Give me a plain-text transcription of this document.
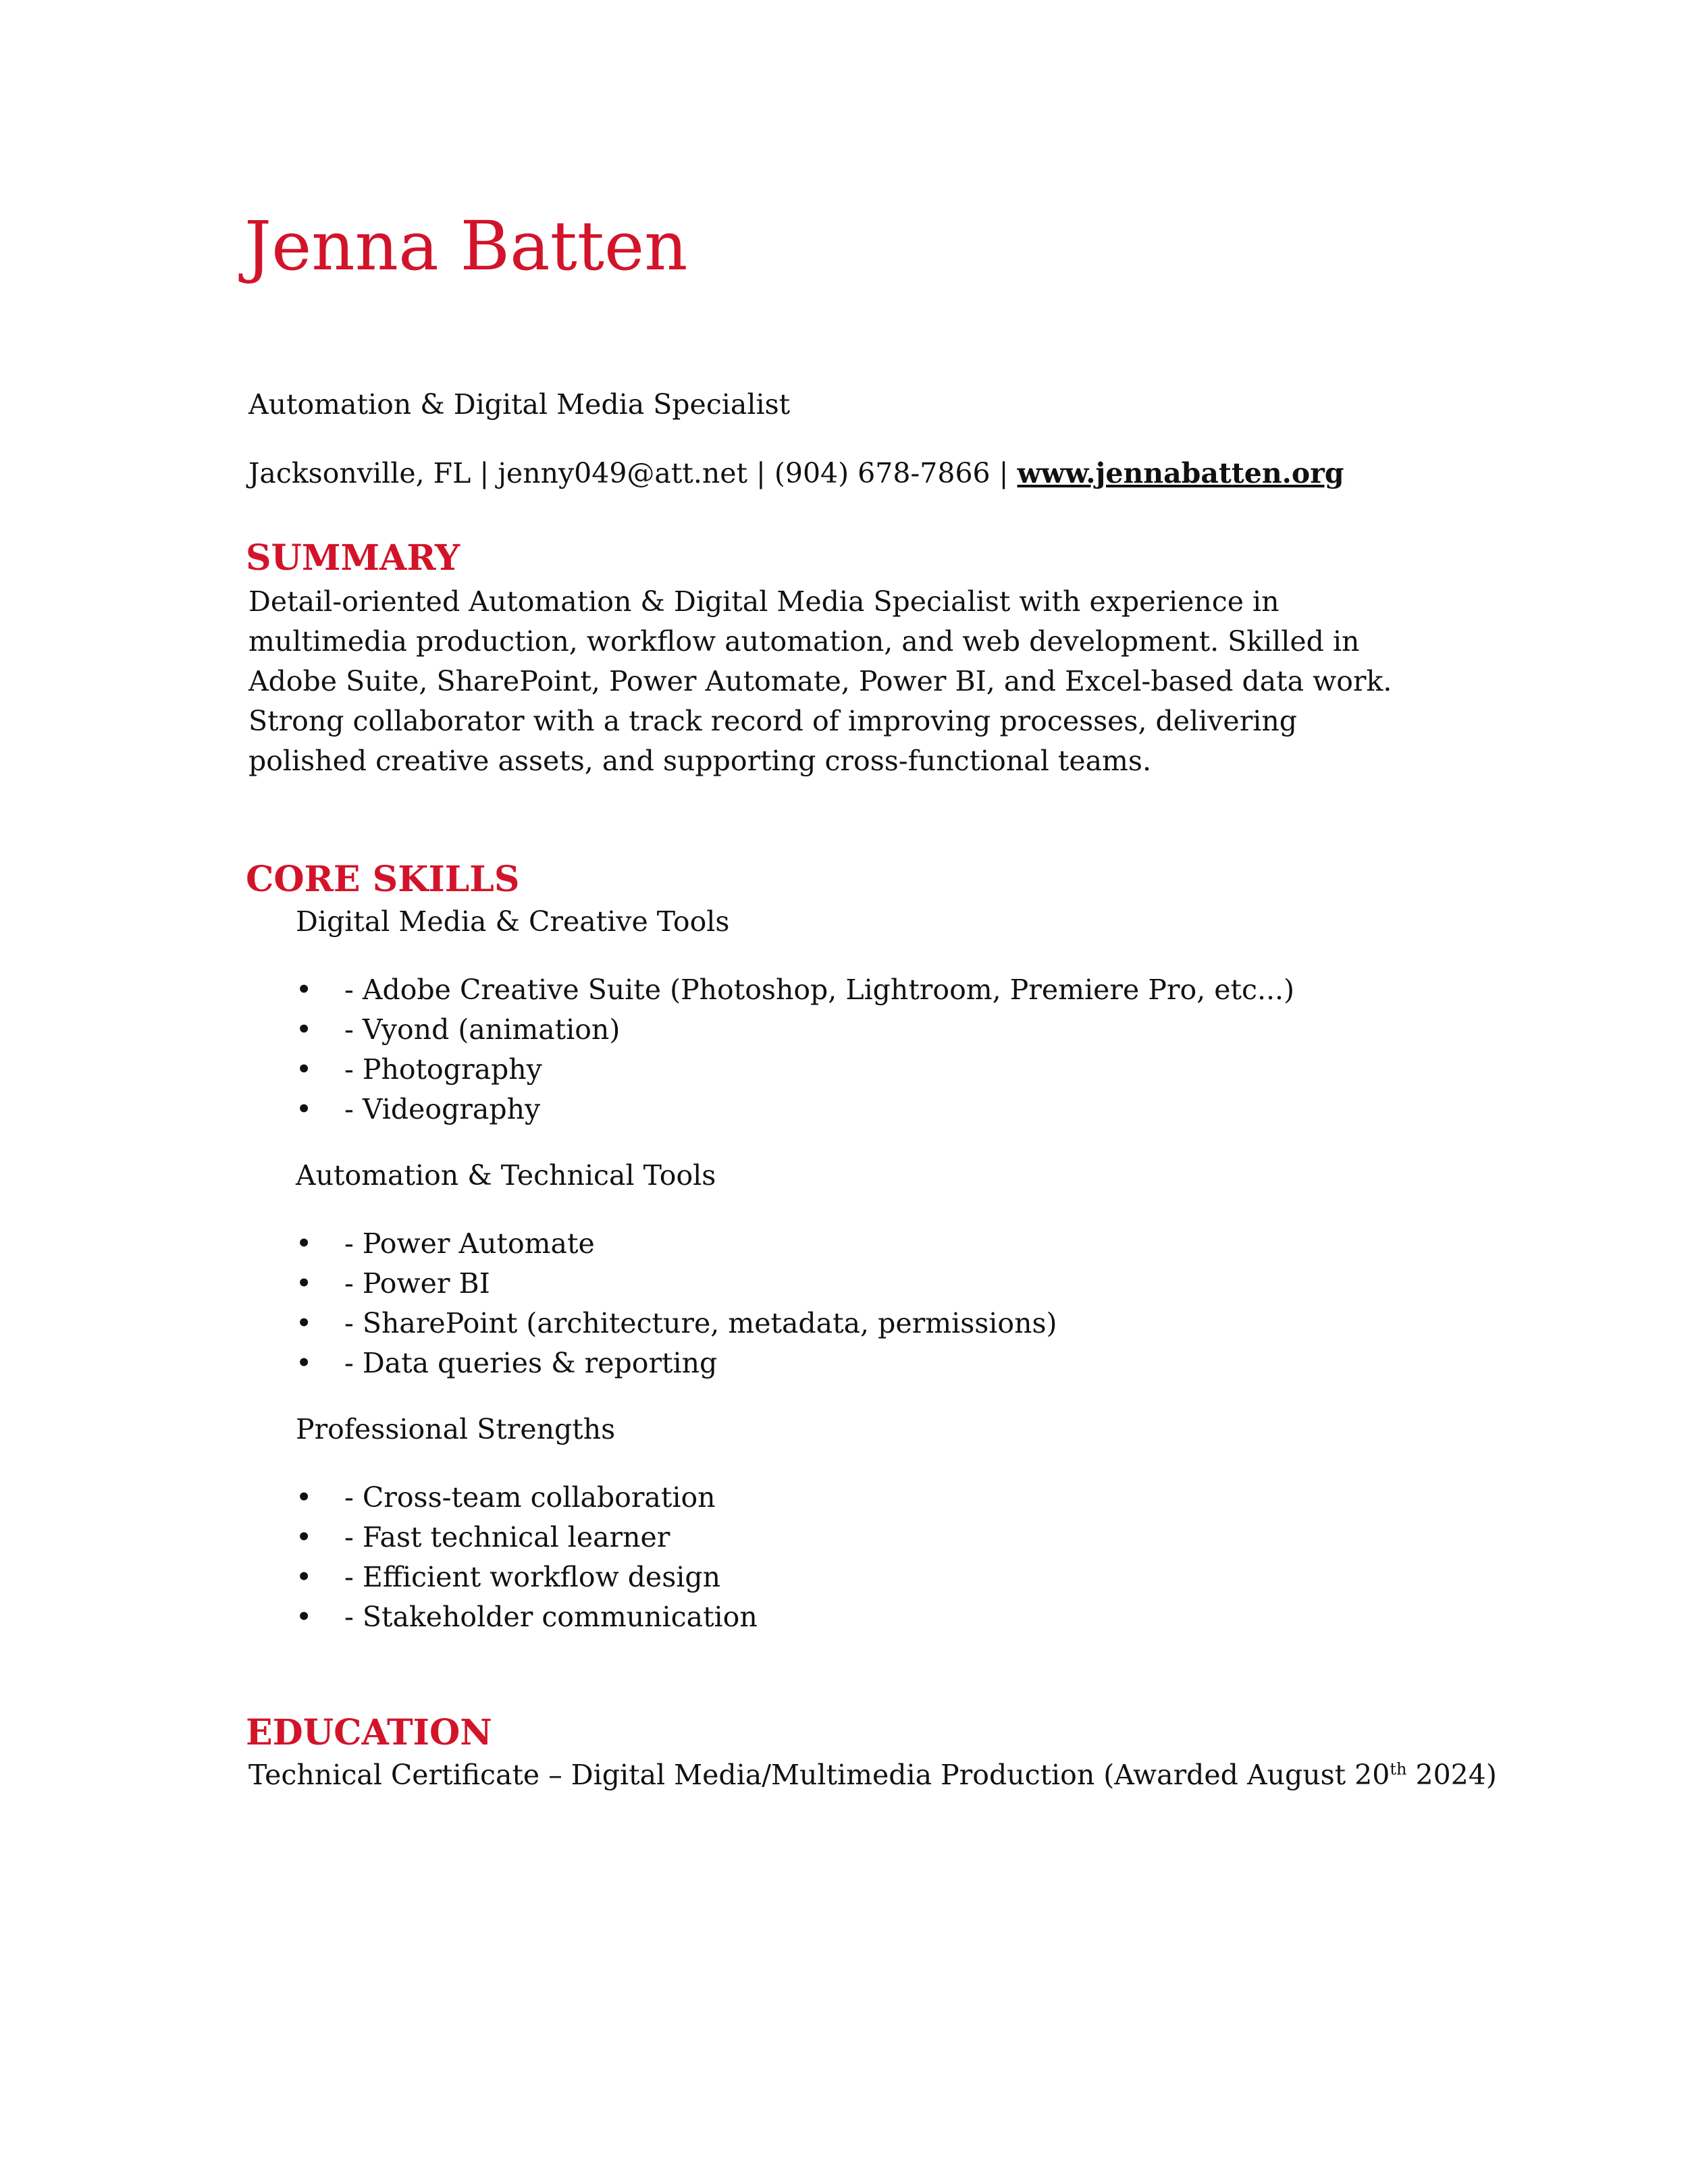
Jenna Batten
Automation & Digital Media Specialist
Jacksonville, FL | jenny049@att.net | (904) 678-7866 | www.jennabatten.org
SUMMARY

Detail-oriented Automation & Digital Media Specialist with experience in multimedia production, workflow automation, and web development. Skilled in Adobe Suite, SharePoint, Power Automate, Power BI, and Excel-based data work. Strong collaborator with a track record of improving processes, delivering polished creative assets, and supporting cross-functional teams.

CORE SKILLS
Digital Media & Creative Tools
• - Adobe Creative Suite (Photoshop, Lightroom, Premiere Pro, etc...)
• - Vyond (animation)
• - Photography
• - Videography
Automation & Technical Tools
• - Power Automate
• - Power BI
• - SharePoint (architecture, metadata, permissions)
• - Data queries & reporting
Professional Strengths
• - Cross-team collaboration
• - Fast technical learner
• - Efficient workflow design
• - Stakeholder communication
EDUCATION

Technical Certificate – Digital Media/Multimedia Production (Awarded August 20th 2024)
